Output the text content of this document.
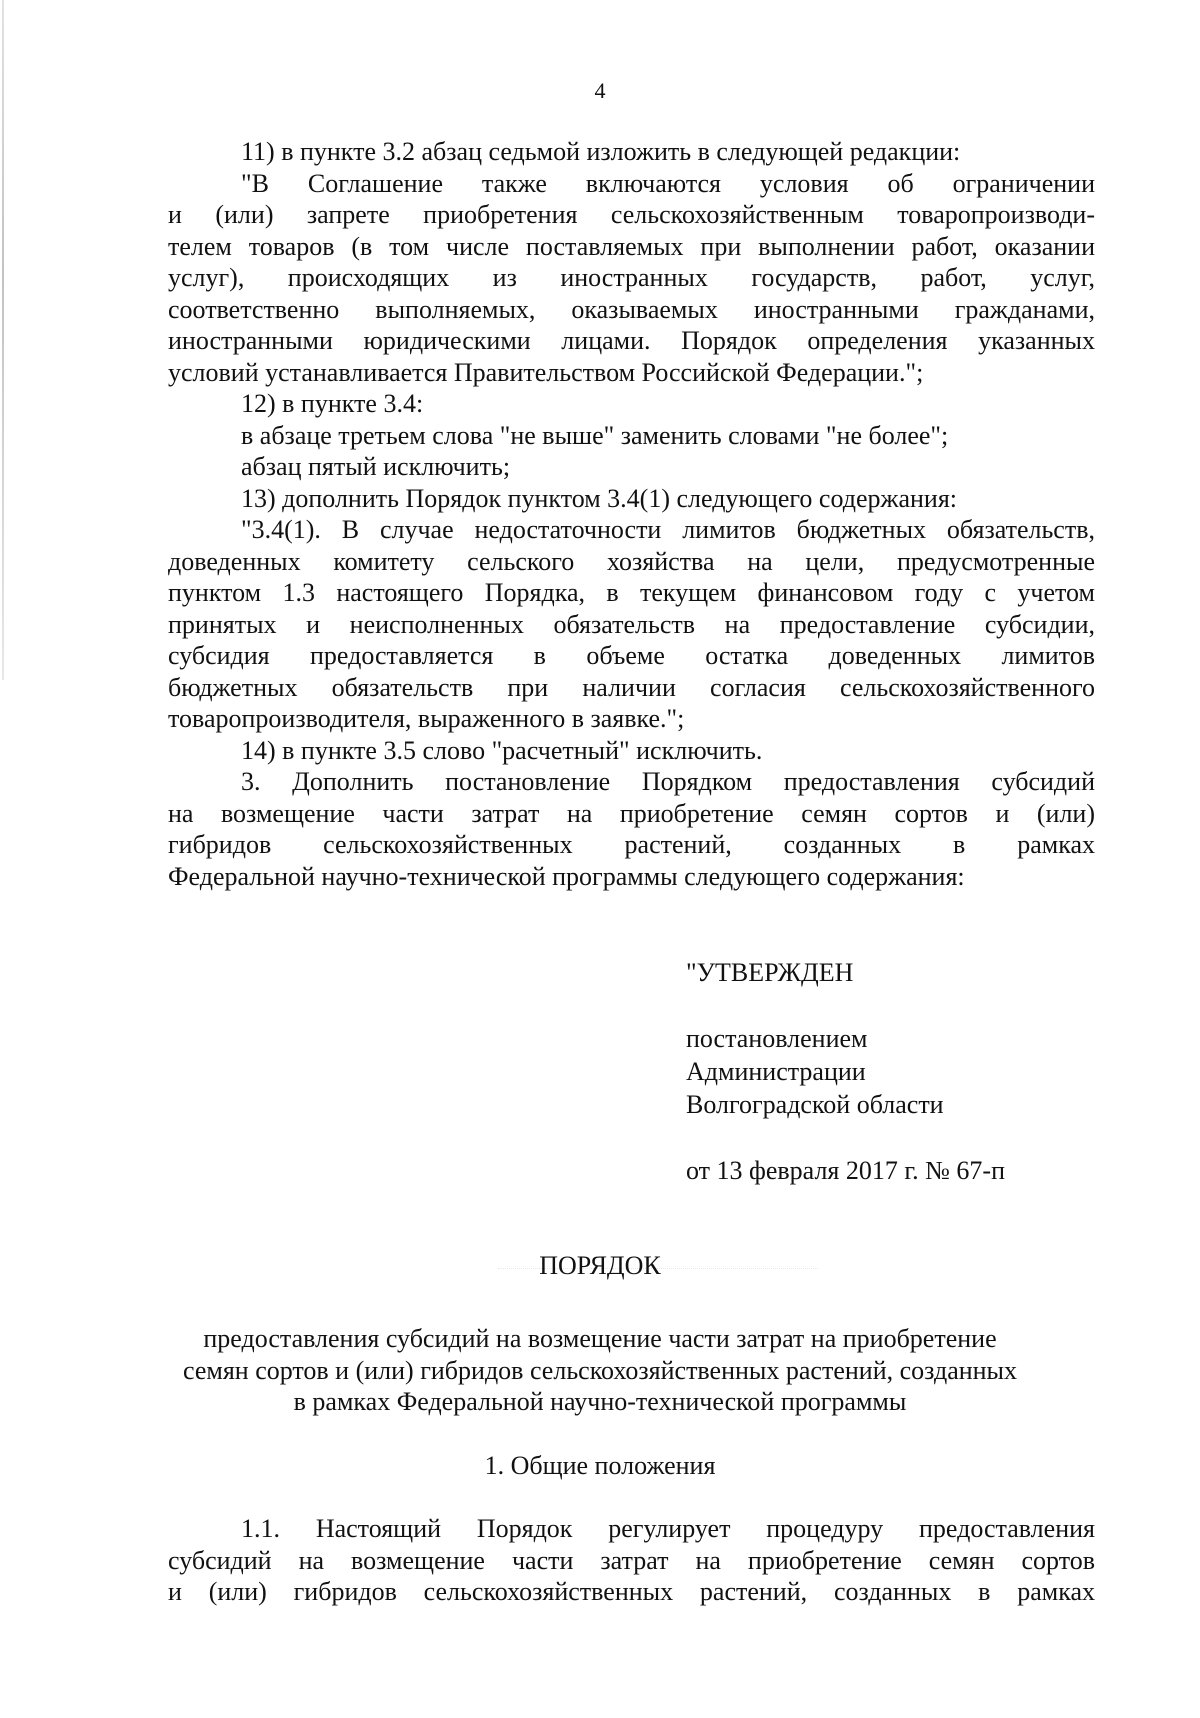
4
11) в пункте 3.2 абзац седьмой изложить в следующей редакции:
"В Соглашение также включаются условия об ограничении
и (или) запрете приобретения сельскохозяйственным товаропроизводи-
телем товаров (в том числе поставляемых при выполнении работ, оказании
услуг), происходящих из иностранных государств, работ, услуг,
соответственно выполняемых, оказываемых иностранными гражданами,
иностранными юридическими лицами. Порядок определения указанных
условий устанавливается Правительством Российской Федерации.";
12) в пункте 3.4:
в абзаце третьем слова "не выше" заменить словами "не более";
абзац пятый исключить;
13) дополнить Порядок пунктом 3.4(1) следующего содержания:
"3.4(1). В случае недостаточности лимитов бюджетных обязательств,
доведенных комитету сельского хозяйства на цели, предусмотренные
пунктом 1.3 настоящего Порядка, в текущем финансовом году с учетом
принятых и неисполненных обязательств на предоставление субсидии,
субсидия предоставляется в объеме остатка доведенных лимитов
бюджетных обязательств при наличии согласия сельскохозяйственного
товаропроизводителя, выраженного в заявке.";
14) в пункте 3.5 слово "расчетный" исключить.
3. Дополнить постановление Порядком предоставления субсидий
на возмещение части затрат на приобретение семян сортов и (или)
гибридов сельскохозяйственных растений, созданных в рамках
Федеральной научно-технической программы следующего содержания:
"УТВЕРЖДЕН
постановлением
Администрации
Волгоградской области
от 13 февраля 2017 г. № 67-п
ПОРЯДОК
предоставления субсидий на возмещение части затрат на приобретение
семян сортов и (или) гибридов сельскохозяйственных растений, созданных
в рамках Федеральной научно-технической программы
1. Общие положения
1.1. Настоящий Порядок регулирует процедуру предоставления
субсидий на возмещение части затрат на приобретение семян сортов
и (или) гибридов сельскохозяйственных растений, созданных в рамках
